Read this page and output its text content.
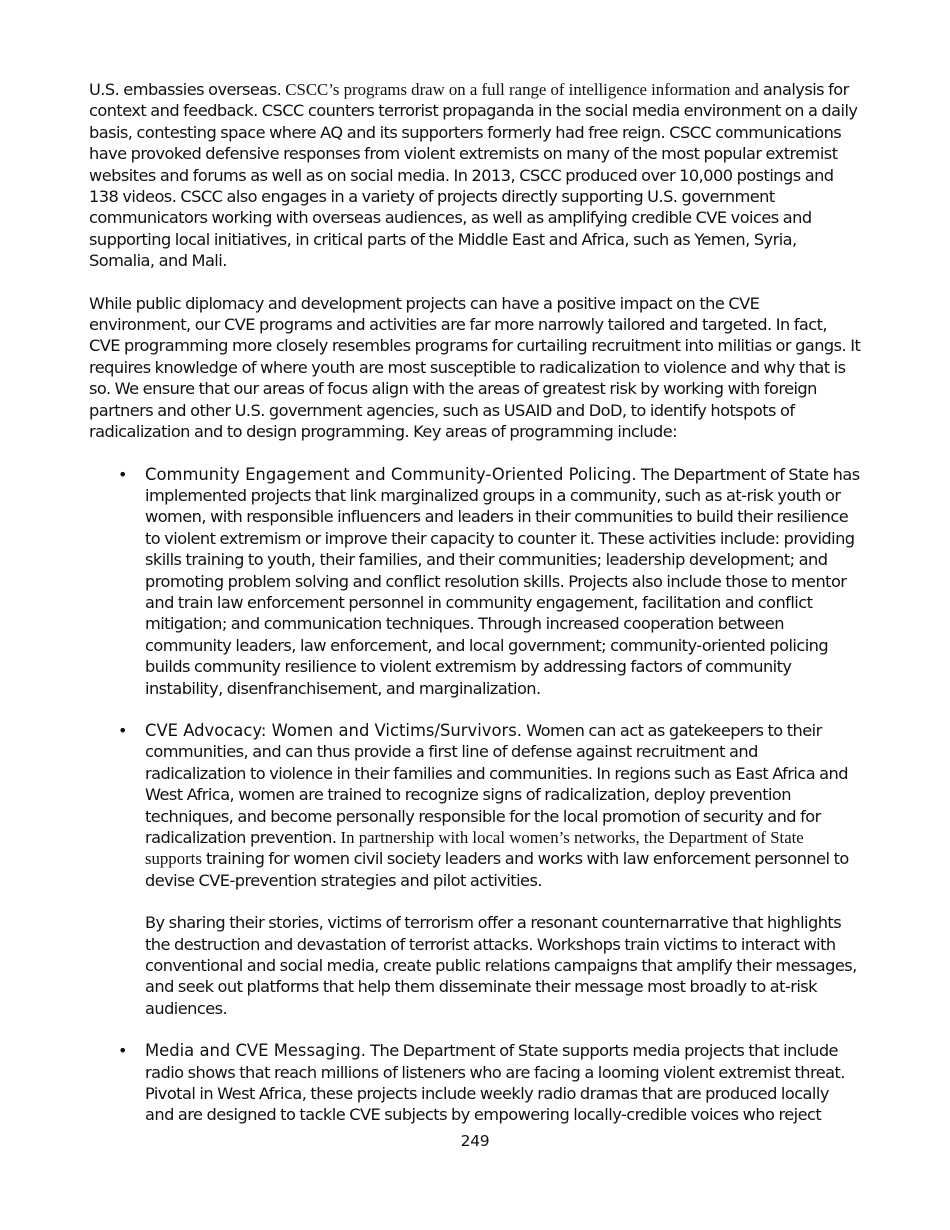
U.S. embassies overseas. CSCC’s programs draw on a full range of intelligence information and analysis for context and feedback. CSCC counters terrorist propaganda in the social media environment on a daily basis, contesting space where AQ and its supporters formerly had free reign. CSCC communications have provoked defensive responses from violent extremists on many of the most popular extremist websites and forums as well as on social media. In 2013, CSCC produced over 10,000 postings and 138 videos. CSCC also engages in a variety of projects directly supporting U.S. government communicators working with overseas audiences, as well as amplifying credible CVE voices and supporting local initiatives, in critical parts of the Middle East and Africa, such as Yemen, Syria, Somalia, and Mali.

While public diplomacy and development projects can have a positive impact on the CVE environment, our CVE programs and activities are far more narrowly tailored and targeted. In fact, CVE programming more closely resembles programs for curtailing recruitment into militias or gangs. It requires knowledge of where youth are most susceptible to radicalization to violence and why that is so. We ensure that our areas of focus align with the areas of greatest risk by working with foreign partners and other U.S. government agencies, such as USAID and DoD, to identify hotspots of radicalization and to design programming. Key areas of programming include:

• Community Engagement and Community-Oriented Policing. The Department of State has implemented projects that link marginalized groups in a community, such as at-risk youth or women, with responsible influencers and leaders in their communities to build their resilience to violent extremism or improve their capacity to counter it. These activities include: providing skills training to youth, their families, and their communities; leadership development; and promoting problem solving and conflict resolution skills. Projects also include those to mentor and train law enforcement personnel in community engagement, facilitation and conflict mitigation; and communication techniques. Through increased cooperation between community leaders, law enforcement, and local government; community-oriented policing builds community resilience to violent extremism by addressing factors of community instability, disenfranchisement, and marginalization.

• CVE Advocacy: Women and Victims/Survivors. Women can act as gatekeepers to their communities, and can thus provide a first line of defense against recruitment and radicalization to violence in their families and communities. In regions such as East Africa and West Africa, women are trained to recognize signs of radicalization, deploy prevention techniques, and become personally responsible for the local promotion of security and for radicalization prevention. In partnership with local women’s networks, the Department of State supports training for women civil society leaders and works with law enforcement personnel to devise CVE-prevention strategies and pilot activities.

By sharing their stories, victims of terrorism offer a resonant counternarrative that highlights the destruction and devastation of terrorist attacks. Workshops train victims to interact with conventional and social media, create public relations campaigns that amplify their messages, and seek out platforms that help them disseminate their message most broadly to at-risk audiences.

• Media and CVE Messaging. The Department of State supports media projects that include radio shows that reach millions of listeners who are facing a looming violent extremist threat. Pivotal in West Africa, these projects include weekly radio dramas that are produced locally and are designed to tackle CVE subjects by empowering locally-credible voices who reject

249
